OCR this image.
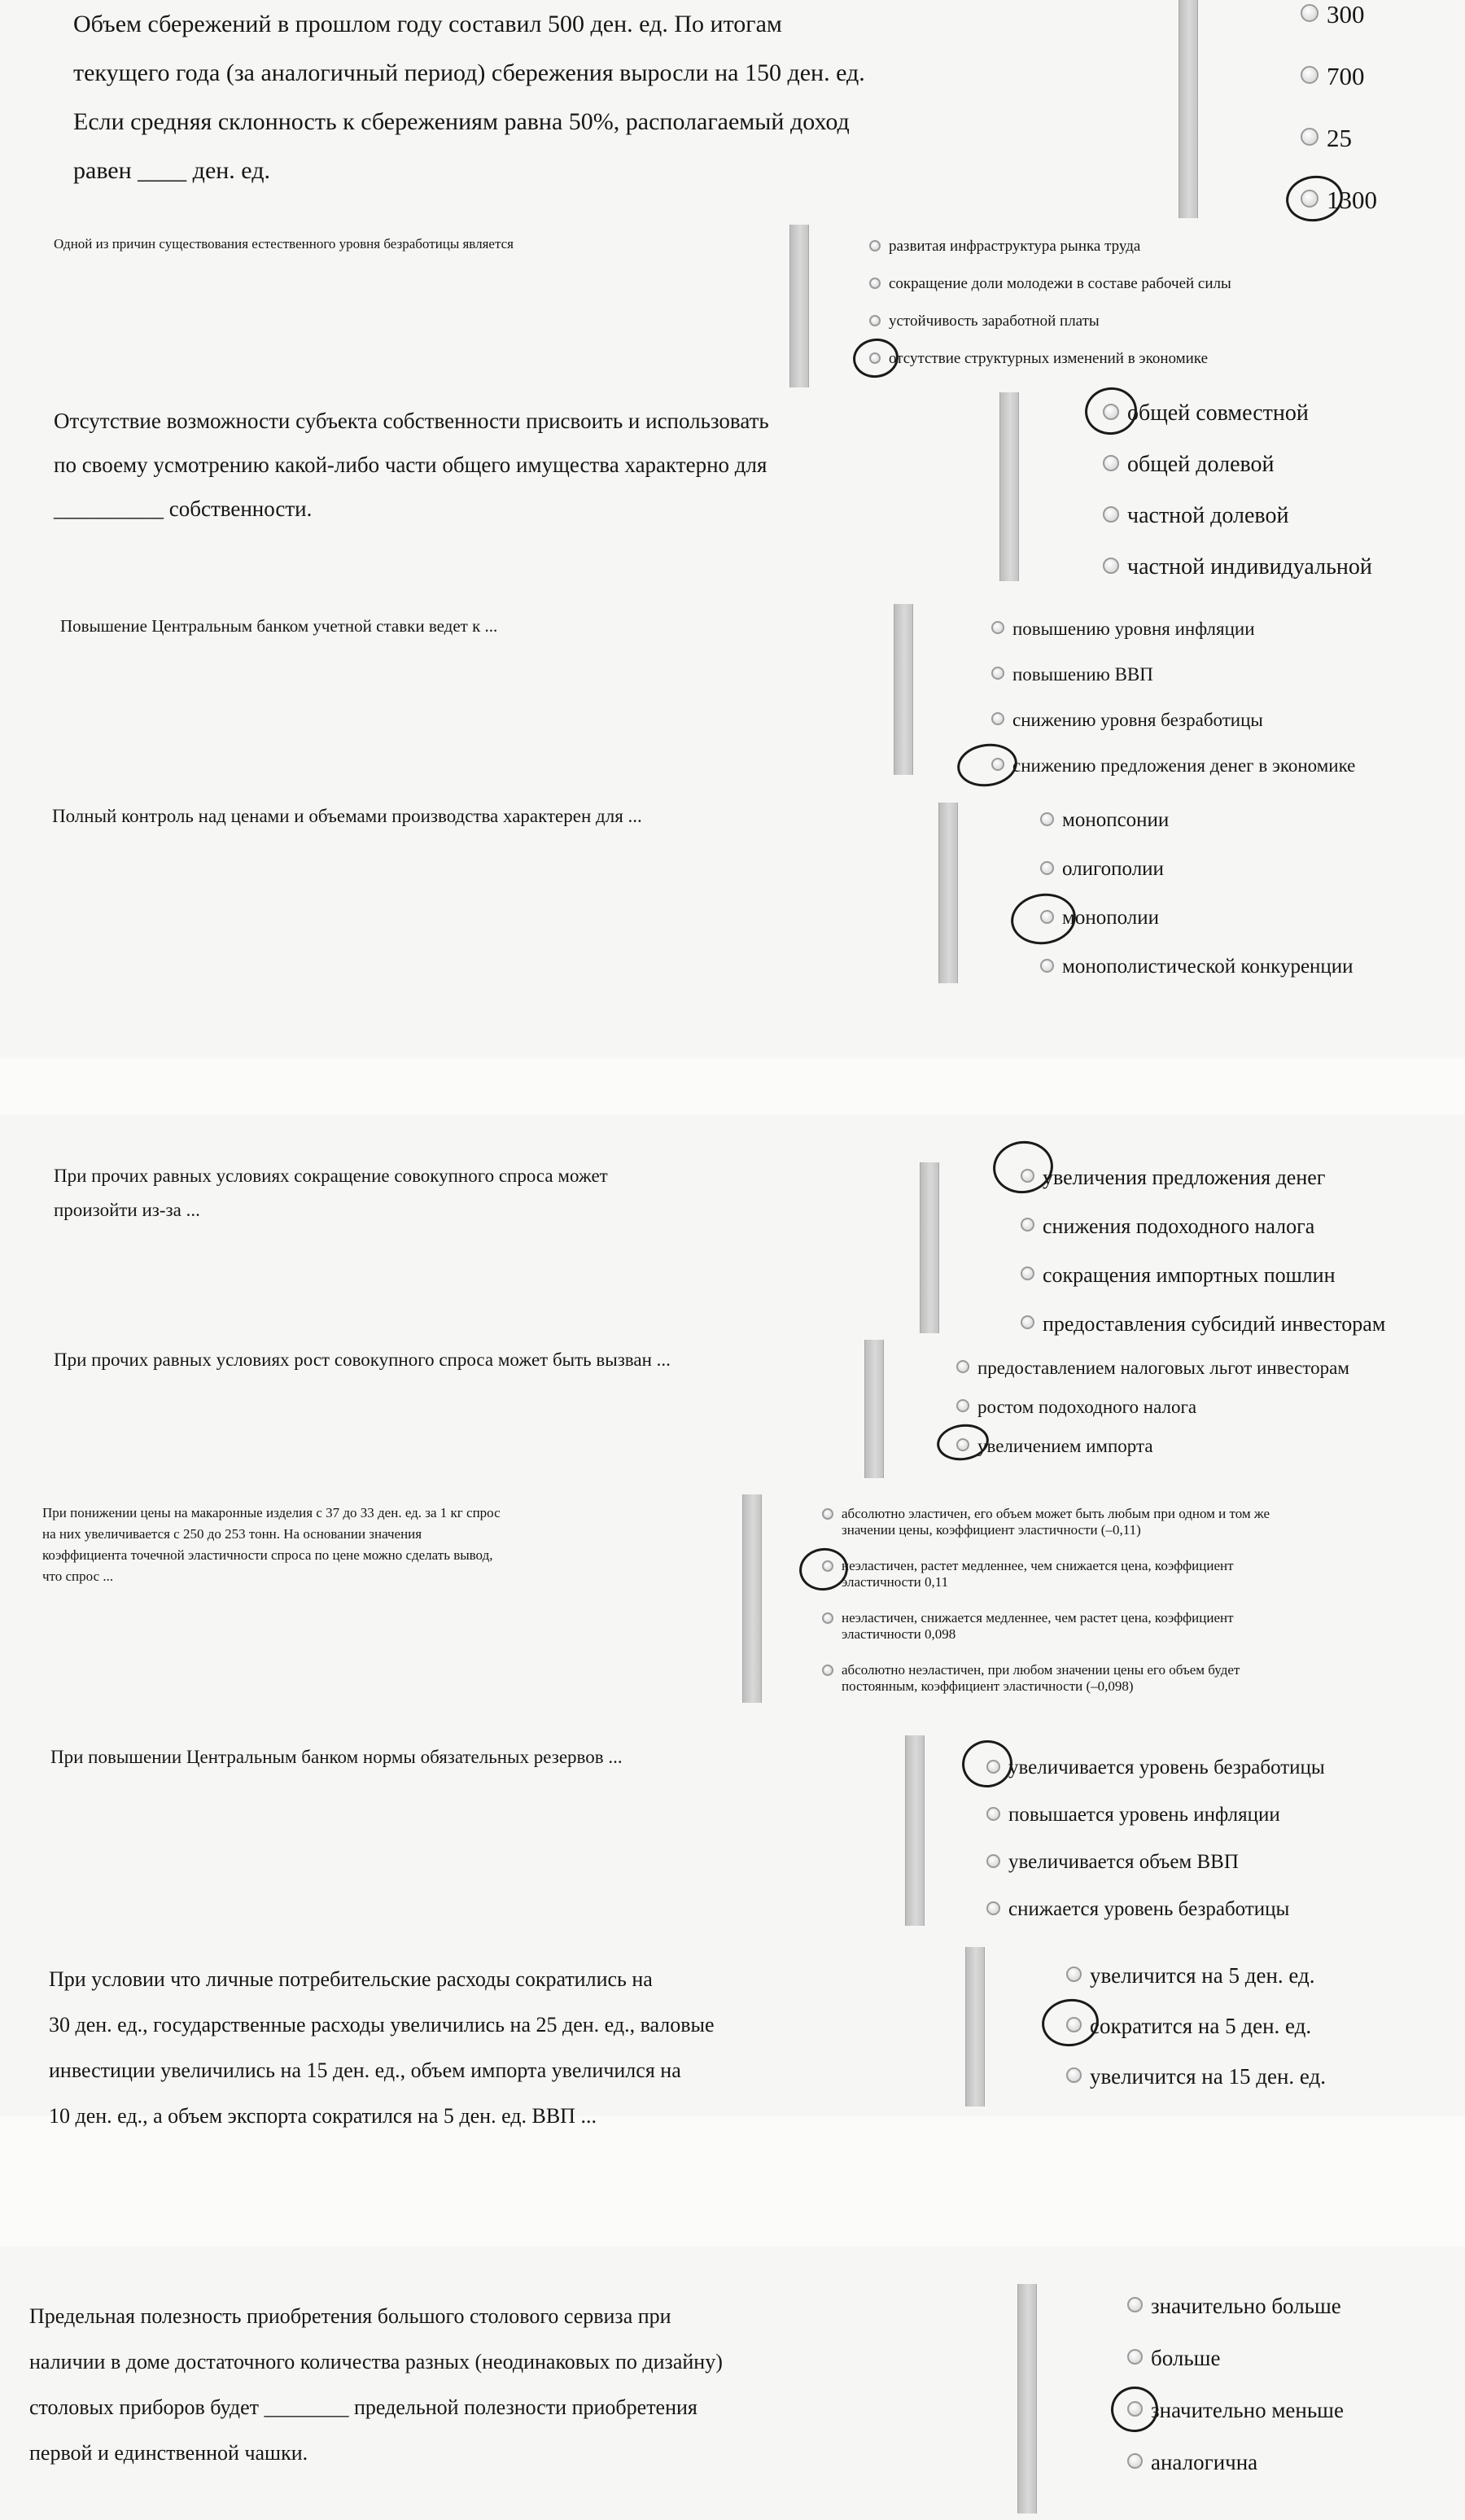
Объем сбережений в прошлом году составил 500 ден. ед. По итогам
текущего года (за аналогичный период) сбережения выросли на 150 ден. ед.
Если средняя склонность к сбережениям равна 50%, располагаемый доход
равен ____ ден. ед.
300
700
25
1300
Одной из причин существования естественного уровня безработицы является	развитая инфраструктура рынка труда
сокращение доли молодежи в составе рабочей силы
устойчивость заработной платы
отсутствие структурных изменений в экономике
Отсутствие возможности субъекта собственности присвоить и использовать
по своему усмотрению какой-либо части общего имущества характерно для
__________ собственности.
общей совместной
общей долевой
частной долевой
частной индивидуальной
Повышение Центральным банком учетной ставки ведет к ...	повышению уровня инфляции
повышению ВВП
снижению уровня безработицы
снижению предложения денег в экономике
Полный контроль над ценами и объемами производства характерен для ...	монопсонии
олигополии
монополии
монополистической конкуренции
При прочих равных условиях сокращение совокупного спроса может
произойти из-за ...
увеличения предложения денег
снижения подоходного налога
сокращения импортных пошлин
предоставления субсидий инвесторам
При прочих равных условиях рост совокупного спроса может быть вызван ...	предоставлением налоговых льгот инвесторам
ростом подоходного налога
увеличением импорта
При понижении цены на макаронные изделия с 37 до 33 ден. ед. за 1 кг спрос
на них увеличивается с 250 до 253 тонн. На основании значения
коэффициента точечной эластичности спроса по цене можно сделать вывод,
что спрос ...
абсолютно эластичен, его объем может быть любым при одном и том же
значении цены, коэффициент эластичности (–0,11)
неэластичен, растет медленнее, чем снижается цена, коэффициент
эластичности 0,11
неэластичен, снижается медленнее, чем растет цена, коэффициент
эластичности 0,098
абсолютно неэластичен, при любом значении цены его объем будет
постоянным, коэффициент эластичности (–0,098)
При повышении Центральным банком нормы обязательных резервов ...	увеличивается уровень безработицы
повышается уровень инфляции
увеличивается объем ВВП
снижается уровень безработицы
При условии что личные потребительские расходы сократились на
30 ден. ед., государственные расходы увеличились на 25 ден. ед., валовые
инвестиции увеличились на 15 ден. ед., объем импорта увеличился на
10 ден. ед., а объем экспорта сократился на 5 ден. ед. ВВП ...
увеличится на 5 ден. ед.
сократится на 5 ден. ед.
увеличится на 15 ден. ед.
Предельная полезность приобретения большого столового сервиза при
наличии в доме достаточного количества разных (неодинаковых по дизайну)
столовых приборов будет ________ предельной полезности приобретения
первой и единственной чашки.
значительно больше
больше
значительно меньше
аналогична
